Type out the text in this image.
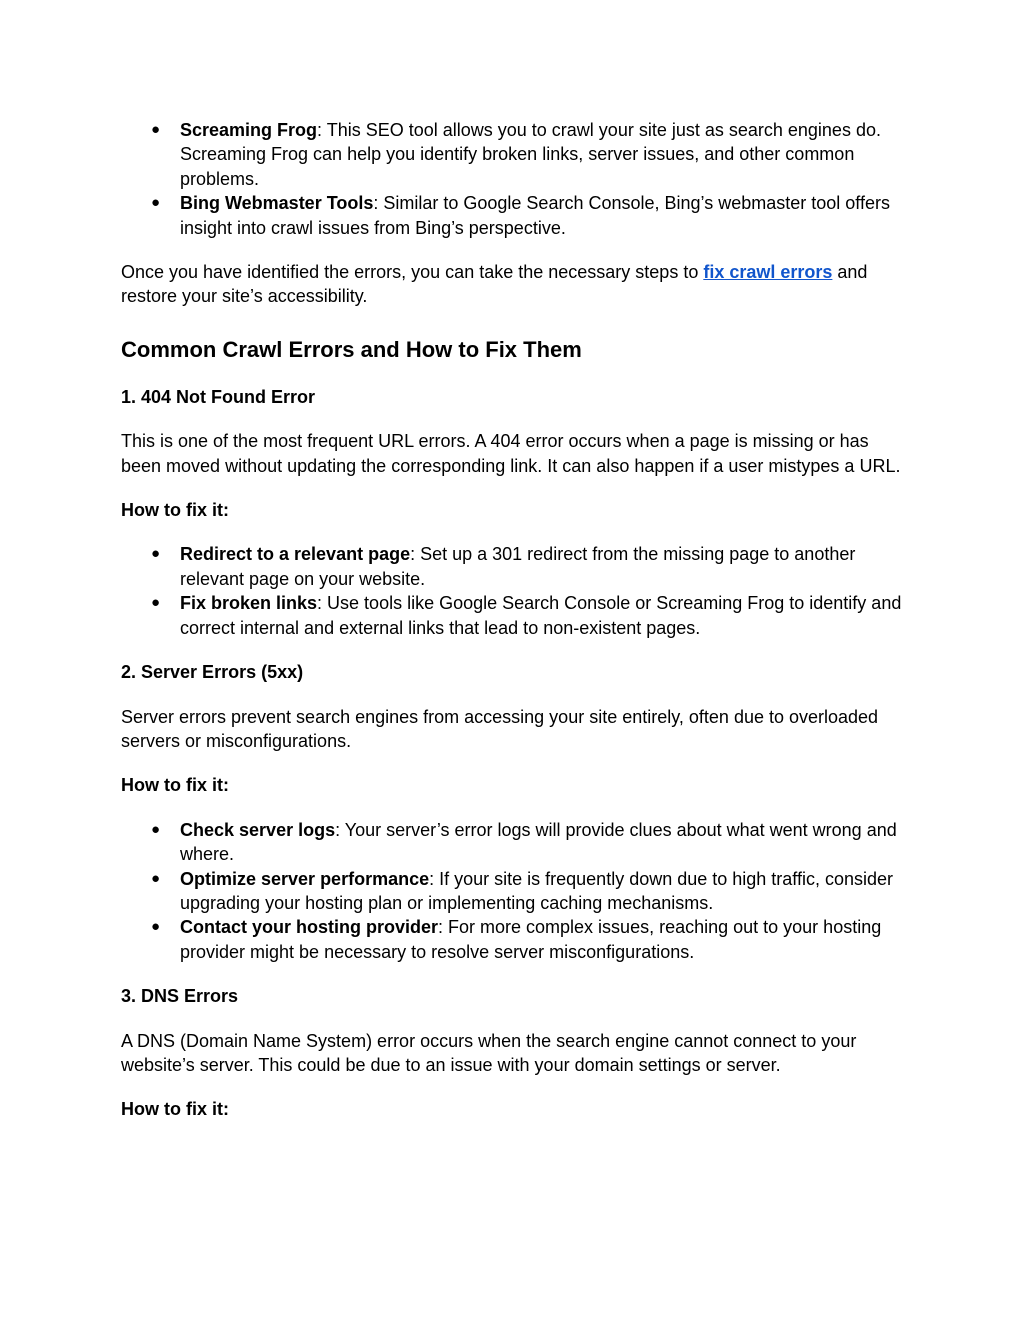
● Screaming Frog: This SEO tool allows you to crawl your site just as search engines do. Screaming Frog can help you identify broken links, server issues, and other common problems.
● Bing Webmaster Tools: Similar to Google Search Console, Bing’s webmaster tool offers insight into crawl issues from Bing’s perspective.

Once you have identified the errors, you can take the necessary steps to fix crawl errors and restore your site’s accessibility.

Common Crawl Errors and How to Fix Them
1. 404 Not Found Error

This is one of the most frequent URL errors. A 404 error occurs when a page is missing or has been moved without updating the corresponding link. It can also happen if a user mistypes a URL.

How to fix it:
● Redirect to a relevant page: Set up a 301 redirect from the missing page to another relevant page on your website.
● Fix broken links: Use tools like Google Search Console or Screaming Frog to identify and correct internal and external links that lead to non-existent pages.
2. Server Errors (5xx)

Server errors prevent search engines from accessing your site entirely, often due to overloaded servers or misconfigurations.

How to fix it:
● Check server logs: Your server’s error logs will provide clues about what went wrong and where.
● Optimize server performance: If your site is frequently down due to high traffic, consider upgrading your hosting plan or implementing caching mechanisms.
● Contact your hosting provider: For more complex issues, reaching out to your hosting provider might be necessary to resolve server misconfigurations.
3. DNS Errors

A DNS (Domain Name System) error occurs when the search engine cannot connect to your website’s server. This could be due to an issue with your domain settings or server.

How to fix it:
